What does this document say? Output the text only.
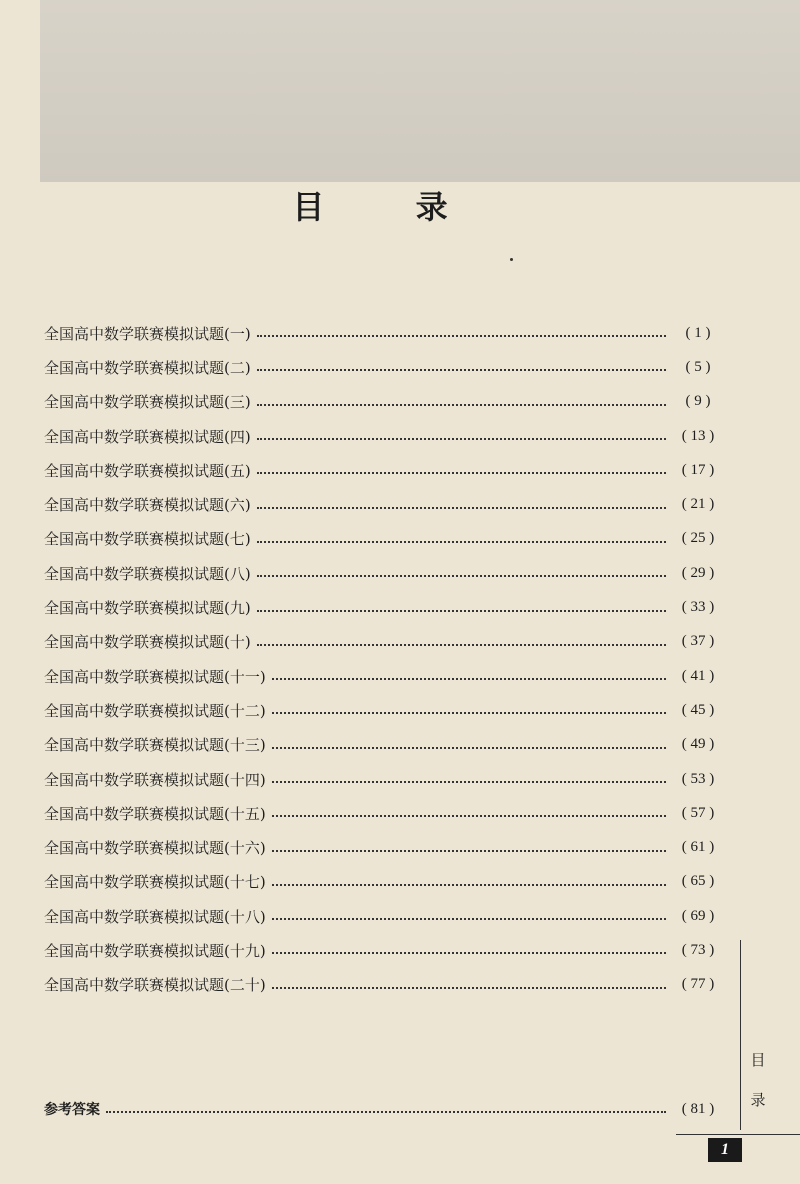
目 录
全国高中数学联赛模拟试题(一)	( 1 )
全国高中数学联赛模拟试题(二)	( 5 )
全国高中数学联赛模拟试题(三)	( 9 )
全国高中数学联赛模拟试题(四)	( 13 )
全国高中数学联赛模拟试题(五)	( 17 )
全国高中数学联赛模拟试题(六)	( 21 )
全国高中数学联赛模拟试题(七)	( 25 )
全国高中数学联赛模拟试题(八)	( 29 )
全国高中数学联赛模拟试题(九)	( 33 )
全国高中数学联赛模拟试题(十)	( 37 )
全国高中数学联赛模拟试题(十一)	( 41 )
全国高中数学联赛模拟试题(十二)	( 45 )
全国高中数学联赛模拟试题(十三)	( 49 )
全国高中数学联赛模拟试题(十四)	( 53 )
全国高中数学联赛模拟试题(十五)	( 57 )
全国高中数学联赛模拟试题(十六)	( 61 )
全国高中数学联赛模拟试题(十七)	( 65 )
全国高中数学联赛模拟试题(十八)	( 69 )
全国高中数学联赛模拟试题(十九)	( 73 )
全国高中数学联赛模拟试题(二十)	( 77 )
参考答案	( 81 )
目
录
1
